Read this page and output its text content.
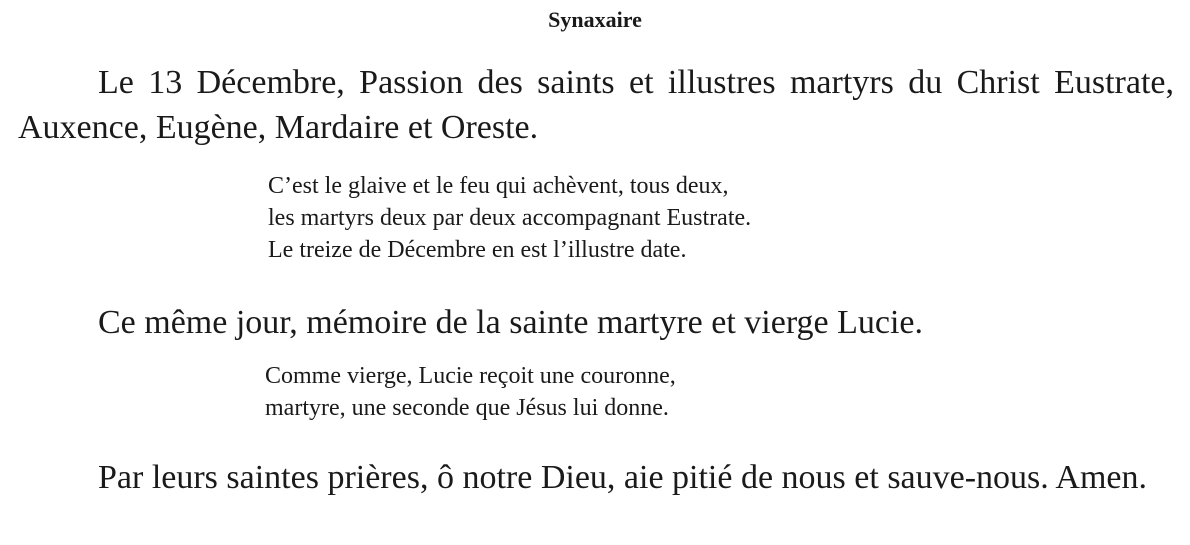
Synaxaire

Le 13 Décembre, Passion des saints et illustres martyrs du Christ Eustrate, Auxence, Eugène, Mardaire et Oreste.

C’est le glaive et le feu qui achèvent, tous deux,
les martyrs deux par deux accompagnant Eustrate.
Le treize de Décembre en est l’illustre date.

Ce même jour, mémoire de la sainte martyre et vierge Lucie.

Comme vierge, Lucie reçoit une couronne,
martyre, une seconde que Jésus lui donne.

Par leurs saintes prières, ô notre Dieu, aie pitié de nous et sauve-nous. Amen.
